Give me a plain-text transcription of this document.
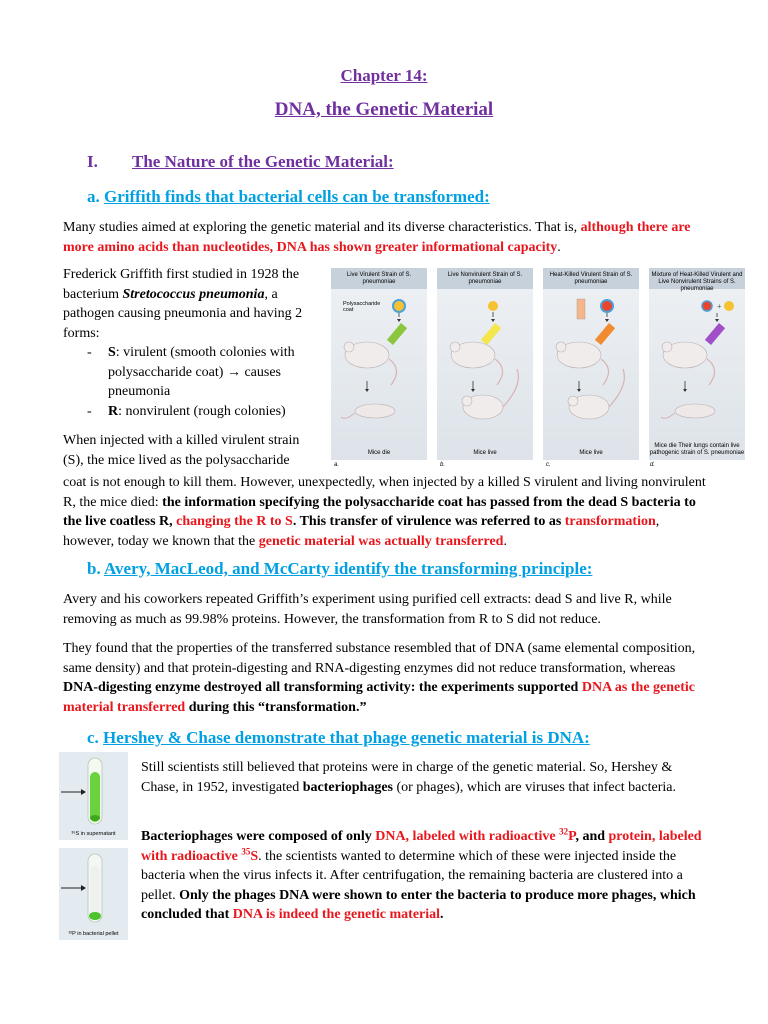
Chapter 14:
DNA, the Genetic Material
I. The Nature of the Genetic Material:
a. Griffith finds that bacterial cells can be transformed:

Many studies aimed at exploring the genetic material and its diverse characteristics. That is, although there are more amino acids than nucleotides, DNA has shown greater informational capacity.

Frederick Griffith first studied in 1928 the bacterium Stretococcus pneumonia, a pathogen causing pneumonia and having 2 forms:

- S: virulent (smooth colonies with polysaccharide coat) → causes pneumonia
- R: nonvirulent (rough colonies)

When injected with a killed virulent strain (S), the mice lived as the polysaccharide

Live Virulent Strain of S. pneumoniae
Polysaccharide coat
Mice die
Live Nonvirulent Strain of S. pneumoniae
Mice live
Heat-Killed Virulent Strain of S. pneumoniae
Mice live
Mixture of Heat-Killed Virulent and Live Nonvirulent Strains of S. pneumoniae
+
Mice die Their lungs contain live pathogenic strain of S. pneumoniae
a.	b.	c.	d.

coat is not enough to kill them. However, unexpectedly, when injected by a killed S virulent and living nonvirulent R, the mice died: the information specifying the polysaccharide coat has passed from the dead S bacteria to the live coatless R, changing the R to S. This transfer of virulence was referred to as transformation, however, today we known that the genetic material was actually transferred.

b. Avery, MacLeod, and McCarty identify the transforming principle:

Avery and his coworkers repeated Griffith’s experiment using purified cell extracts: dead S and live R, while removing as much as 99.98% proteins. However, the transformation from R to S did not reduce.

They found that the properties of the transferred substance resembled that of DNA (same elemental composition, same density) and that protein-digesting and RNA-digesting enzymes did not reduce transformation, whereas DNA-digesting enzyme destroyed all transforming activity: the experiments supported DNA as the genetic material transferred during this “transformation.”

c. Hershey & Chase demonstrate that phage genetic material is DNA:
³⁵S in supernatant
³²P in bacterial pellet

Still scientists still believed that proteins were in charge of the genetic material. So, Hershey & Chase, in 1952, investigated bacteriophages (or phages), which are viruses that infect bacteria.

Bacteriophages were composed of only DNA, labeled with radioactive $^{32}$P, and protein, labeled with radioactive $^{35}$S. the scientists wanted to determine which of these were injected inside the bacteria when the virus infects it. After centrifugation, the remaining bacteria are clustered into a pellet. Only the phages DNA were shown to enter the bacteria to produce more phages, which concluded that DNA is indeed the genetic material.
